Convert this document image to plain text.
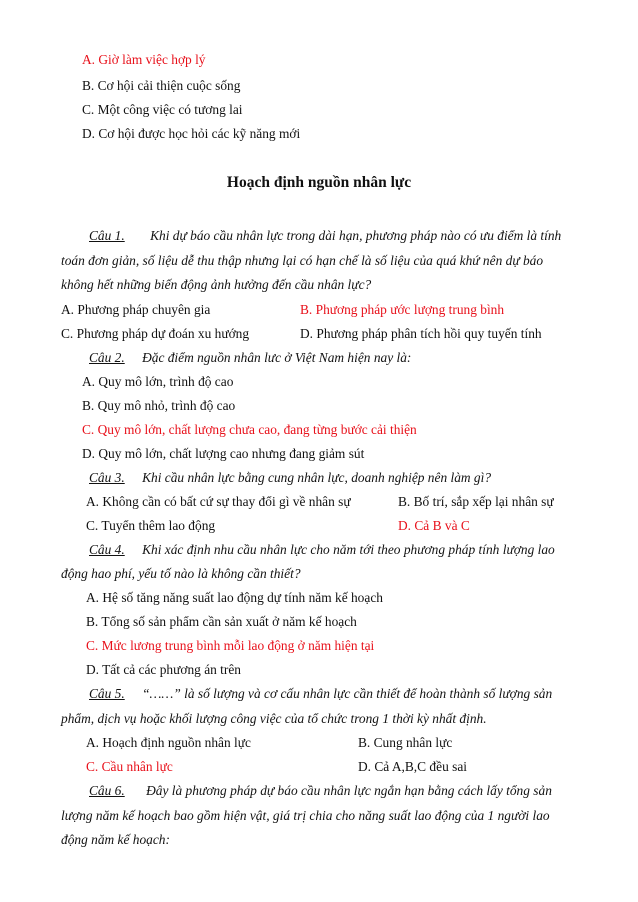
A. Giờ làm việc hợp lý
B. Cơ hội cải thiện cuộc sống
C. Một công việc có tương lai
D. Cơ hội được học hỏi các kỹ năng mới
Hoạch định nguồn nhân lực
Câu 1. Khi dự báo cầu nhân lực trong dài hạn, phương pháp nào có ưu điểm là tính
toán đơn giản, số liệu dễ thu thập nhưng lại có hạn chế là số liệu của quá khứ nên dự báo
không hết những biến động ảnh hưởng đến cầu nhân lực?
A. Phương pháp chuyên gia	B. Phương pháp ước lượng trung bình
C. Phương pháp dự đoán xu hướng	D. Phương pháp phân tích hồi quy tuyến tính
Câu 2. Đặc điểm nguồn nhân lưc ở Việt Nam hiện nay là:
A. Quy mô lớn, trình độ cao
B. Quy mô nhỏ, trình độ cao
C. Quy mô lớn, chất lượng chưa cao, đang từng bước cải thiện
D. Quy mô lớn, chất lượng cao nhưng đang giảm sút
Câu 3. Khi cầu nhân lực bằng cung nhân lực, doanh nghiệp nên làm gì?
A. Không cần có bất cứ sự thay đổi gì về nhân sự	B. Bố trí, sắp xếp lại nhân sự
C. Tuyển thêm lao động	D. Cả B và C
Câu 4. Khi xác định nhu cầu nhân lực cho năm tới theo phương pháp tính lượng lao
động hao phí, yếu tố nào là không cần thiết?
A. Hệ số tăng năng suất lao động dự tính năm kế hoạch
B. Tổng số sản phẩm cần sản xuất ở năm kế hoạch
C. Mức lương trung bình mỗi lao động ở năm hiện tại
D. Tất cả các phương án trên
Câu 5. “……” là số lượng và cơ cấu nhân lực cần thiết để hoàn thành số lượng sản
phẩm, dịch vụ hoặc khối lượng công việc của tổ chức trong 1 thời kỳ nhất định.
A. Hoạch định nguồn nhân lực	B. Cung nhân lực
C. Cầu nhân lực	D. Cả A,B,C đều sai
Câu 6. Đây là phương pháp dự báo cầu nhân lực ngắn hạn bằng cách lấy tổng sản
lượng năm kế hoạch bao gồm hiện vật, giá trị chia cho năng suất lao động của 1 người lao
động năm kế hoạch:
